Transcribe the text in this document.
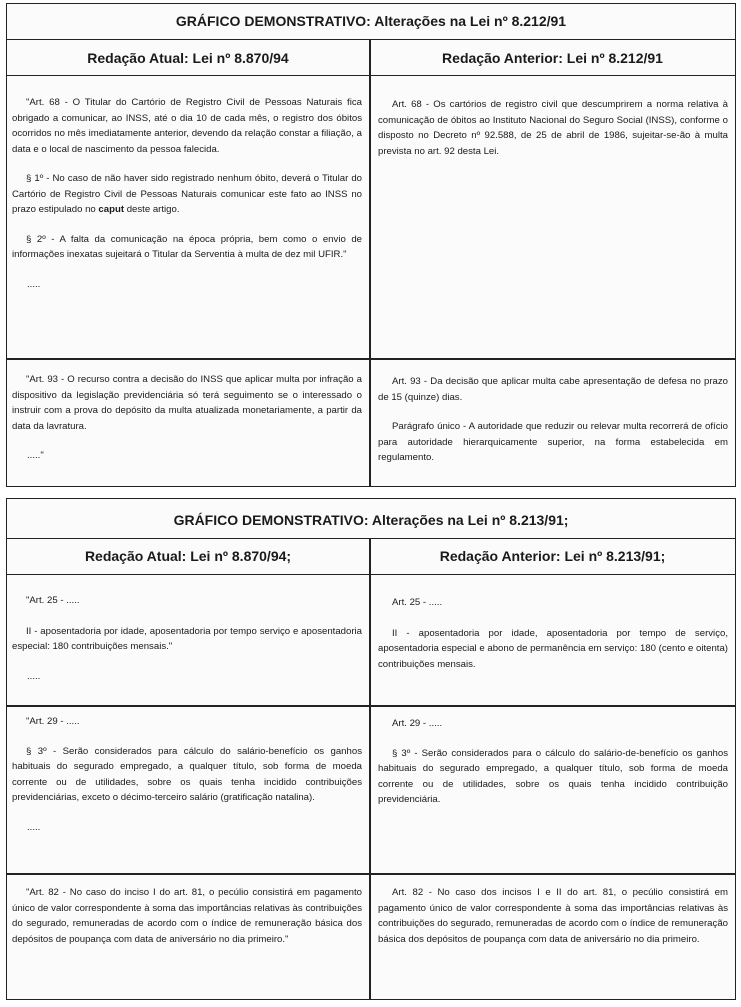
GRÁFICO DEMONSTRATIVO: Alterações na Lei nº 8.212/91
Redação Atual: Lei nº 8.870/94	Redação Anterior: Lei nº 8.212/91

"Art. 68 - O Titular do Cartório de Registro Civil de Pessoas Naturais fica obrigado a comunicar, ao INSS, até o dia 10 de cada mês, o registro dos óbitos ocorridos no mês imediatamente anterior, devendo da relação constar a filiação, a data e o local de nascimento da pessoa falecida.

§ 1º - No caso de não haver sido registrado nenhum óbito, deverá o Titular do Cartório de Registro Civil de Pessoas Naturais comunicar este fato ao INSS no prazo estipulado no caput deste artigo.

§ 2º - A falta da comunicação na época própria, bem como o envio de informações inexatas sujeitará o Titular da Serventia à multa de dez mil UFIR."

.....

Art. 68 - Os cartórios de registro civil que descumprirem a norma relativa à comunicação de óbitos ao Instituto Nacional do Seguro Social (INSS), conforme o disposto no Decreto nº 92.588, de 25 de abril de 1986, sujeitar-se-ão à multa prevista no art. 92 desta Lei.

"Art. 93 - O recurso contra a decisão do INSS que aplicar multa por infração a dispositivo da legislação previdenciária só terá seguimento se o interessado o instruir com a prova do depósito da multa atualizada monetariamente, a partir da data da lavratura.

....."

Art. 93 - Da decisão que aplicar multa cabe apresentação de defesa no prazo de 15 (quinze) dias.

Parágrafo único - A autoridade que reduzir ou relevar multa recorrerá de ofício para autoridade hierarquicamente superior, na forma estabelecida em regulamento.

GRÁFICO DEMONSTRATIVO: Alterações na Lei nº 8.213/91;
Redação Atual: Lei nº 8.870/94;	Redação Anterior: Lei nº 8.213/91;

"Art. 25 - .....

II - aposentadoria por idade, aposentadoria por tempo serviço e aposentadoria especial: 180 contribuições mensais."

.....

Art. 25 - .....

II - aposentadoria por idade, aposentadoria por tempo de serviço, aposentadoria especial e abono de permanência em serviço: 180 (cento e oitenta) contribuições mensais.

"Art. 29 - .....

§ 3º - Serão considerados para cálculo do salário-benefício os ganhos habituais do segurado empregado, a qualquer título, sob forma de moeda corrente ou de utilidades, sobre os quais tenha incidido contribuições previdenciárias, exceto o décimo-terceiro salário (gratificação natalina).

.....

Art. 29 - .....

§ 3º - Serão considerados para o cálculo do salário-de-benefício os ganhos habituais do segurado empregado, a qualquer título, sob forma de moeda corrente ou de utilidades, sobre os quais tenha incidido contribuição previdenciária.

"Art. 82 - No caso do inciso I do art. 81, o pecúlio consistirá em pagamento único de valor correspondente à soma das importâncias relativas às contribuições do segurado, remuneradas de acordo com o índice de remuneração básica dos depósitos de poupança com data de aniversário no dia primeiro."

Art. 82 - No caso dos incisos I e II do art. 81, o pecúlio consistirá em pagamento único de valor correspondente à soma das importâncias relativas às contribuições do segurado, remuneradas de acordo com o índice de remuneração básica dos depósitos de poupança com data de aniversário no dia primeiro.
